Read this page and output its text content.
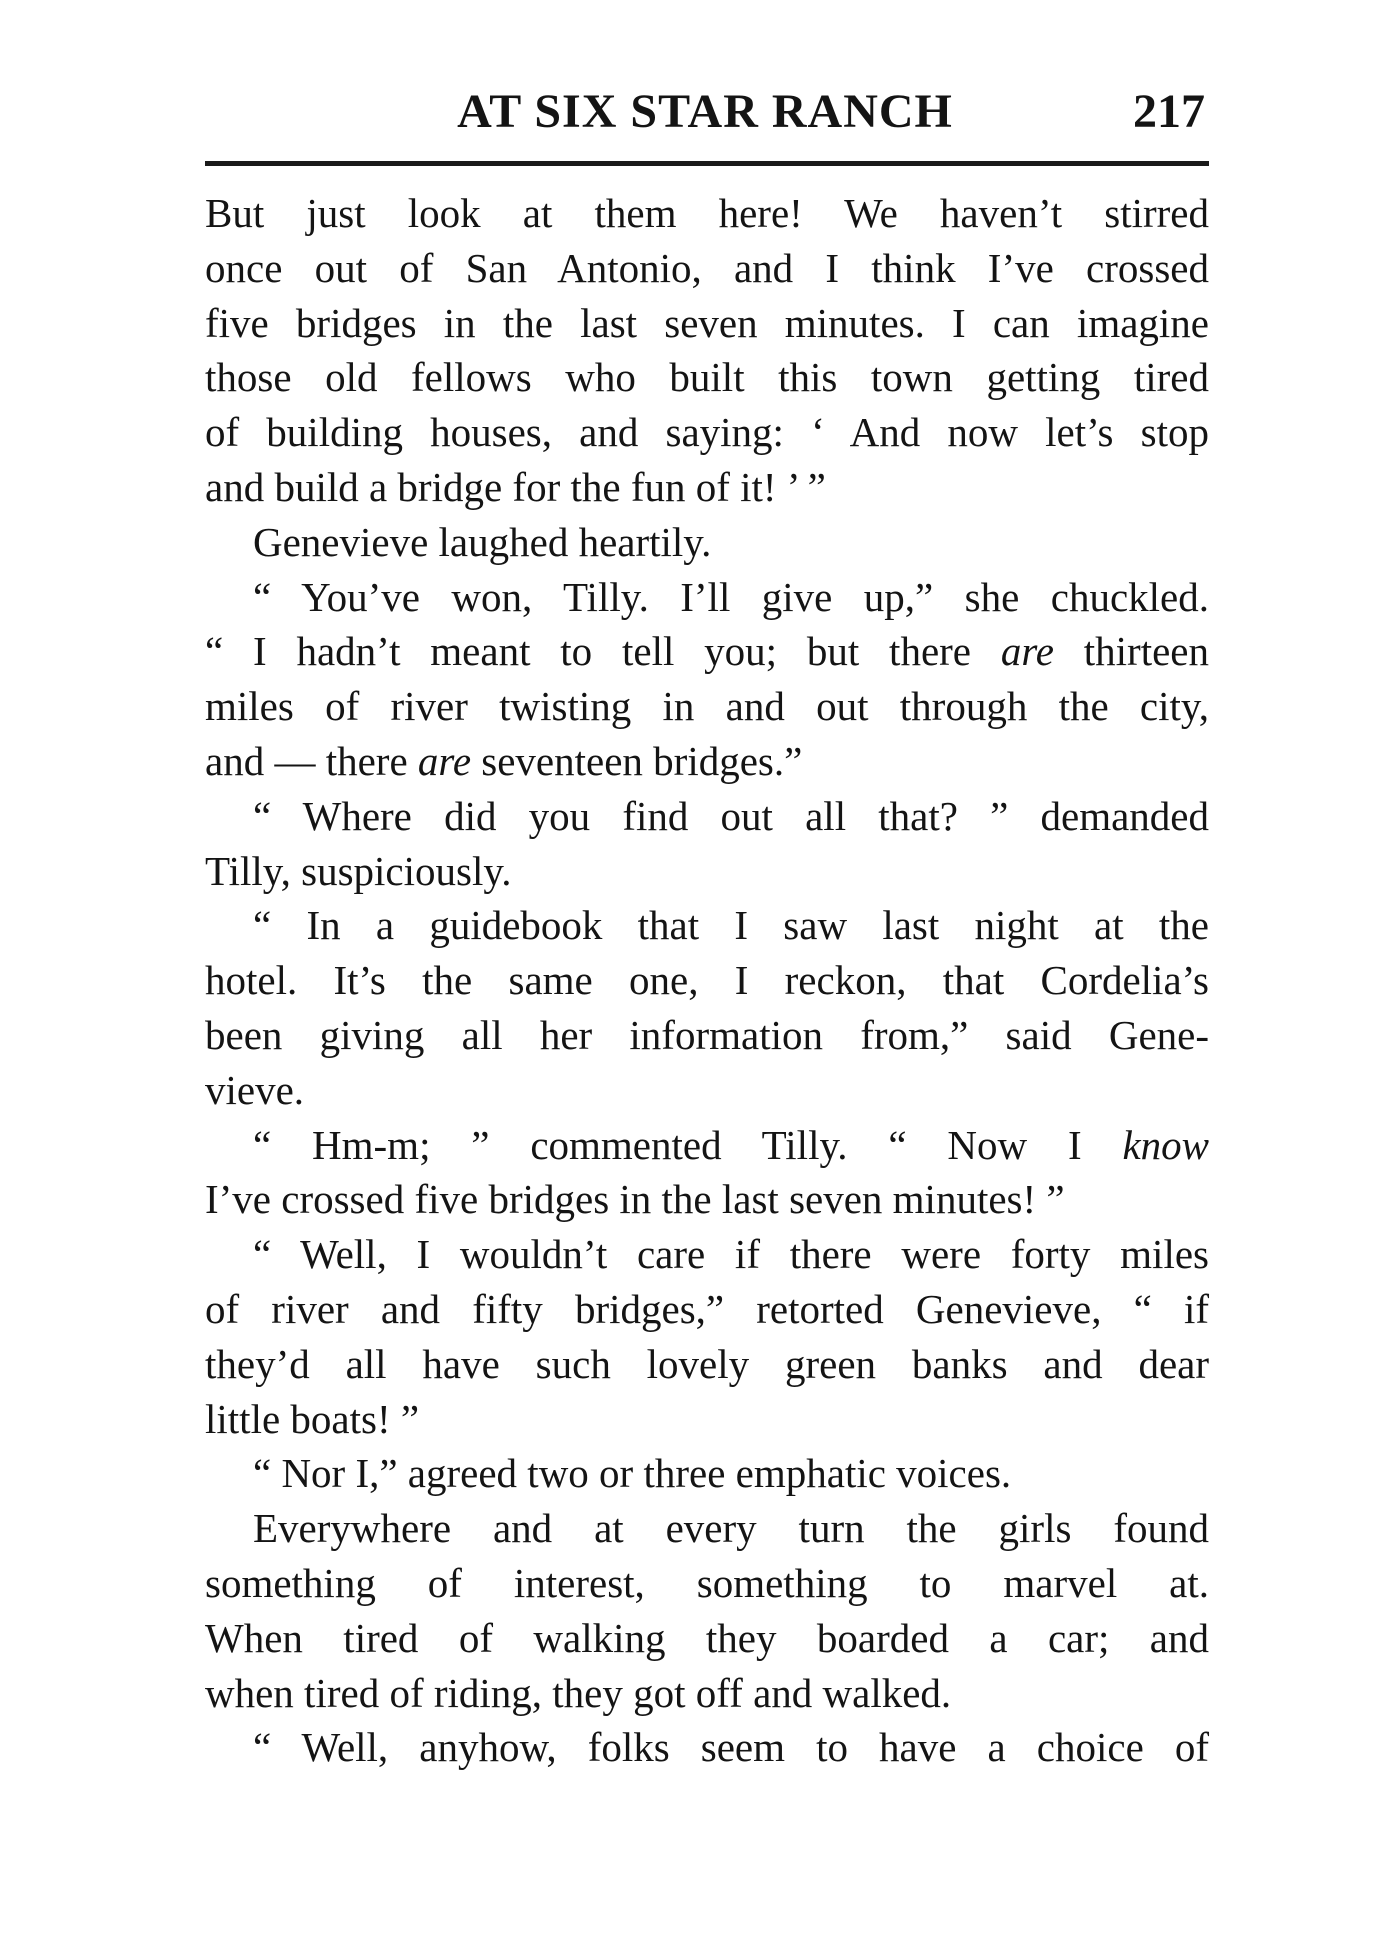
AT SIX STAR RANCH	217

But just look at them here! We haven’t stirred
once out of San Antonio, and I think I’ve crossed
five bridges in the last seven minutes. I can imagine
those old fellows who built this town getting tired
of building houses, and saying: ‘ And now let’s stop
and build a bridge for the fun of it! ’ ”

Genevieve laughed heartily.

“ You’ve won, Tilly. I’ll give up,” she chuckled.
“ I hadn’t meant to tell you; but there are thirteen
miles of river twisting in and out through the city,
and — there are seventeen bridges.”

“ Where did you find out all that? ” demanded
Tilly, suspiciously.

“ In a guidebook that I saw last night at the
hotel. It’s the same one, I reckon, that Cordelia’s
been giving all her information from,” said Gene-
vieve.

“ Hm-m; ” commented Tilly. “ Now I know
I’ve crossed five bridges in the last seven minutes! ”

“ Well, I wouldn’t care if there were forty miles
of river and fifty bridges,” retorted Genevieve, “ if
they’d all have such lovely green banks and dear
little boats! ”

“ Nor I,” agreed two or three emphatic voices.

Everywhere and at every turn the girls found
something of interest, something to marvel at.
When tired of walking they boarded a car; and
when tired of riding, they got off and walked.

“ Well, anyhow, folks seem to have a choice of
